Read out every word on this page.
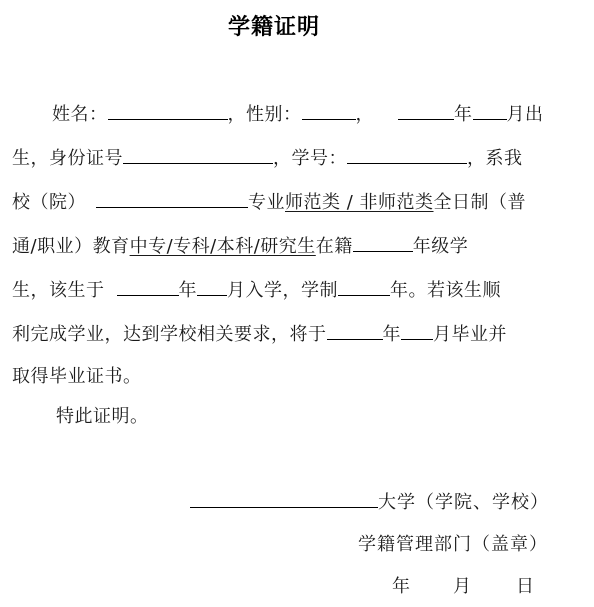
学籍证明
姓名：	，性别：	，	年 月出
生，身份证号	，学号：	，系我
校（院）	专业师范类 / 非师范类全日制（普
通/职业）教育中专/专科/本科/研究生在籍	年级学
生，该生于	年 月入学，学制	年。若该生顺
利完成学业，达到学校相关要求，将于	年 月毕业并
取得毕业证书。
特此证明。
大学（学院、学校）
学籍管理部门（盖章）
年 月 日
